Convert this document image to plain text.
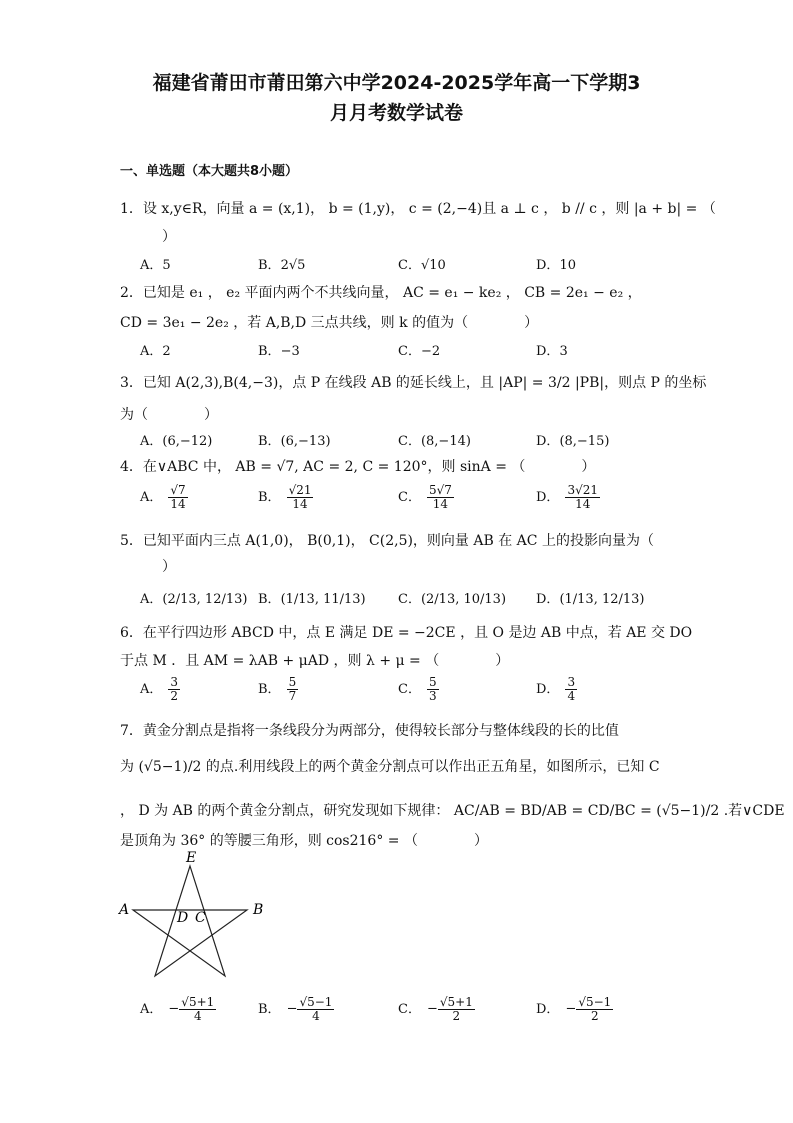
福建省莆田市莆田第六中学2024-2025学年高一下学期3
月月考数学试卷
一、单选题（本大题共8小题）
1．设 x,y∈R，向量 a = (x,1)， b = (1,y)， c = (2,−4)且 a ⊥ c ， b // c ，则 |a + b| = （
　　　）
A．5	B．2√5	C．√10	D．10
2．已知是 e₁ ， e₂ 平面内两个不共线向量， AC = e₁ − ke₂ ， CB = 2e₁ − e₂ ，
CD = 3e₁ − 2e₂ ，若 A,B,D 三点共线，则 k 的值为（　　　　）
A．2	B．−3	C．−2	D．3
3．已知 A(2,3),B(4,−3)，点 P 在线段 AB 的延长线上，且 |AP| = 3/2 |PB|，则点 P 的坐标
为（　　　　）
A．(6,−12)	B．(6,−13)	C．(8,−14)	D．(8,−15)
4．在∨ABC 中， AB = √7, AC = 2, C = 120°，则 sinA = （　　　　）
A． $\frac{√7}{14}$	B． $\frac{√21}{14}$	C． $\frac{5√7}{14}$	D． $\frac{3√21}{14}$
5．已知平面内三点 A(1,0)， B(0,1)， C(2,5)，则向量 AB 在 AC 上的投影向量为（
　　　）
A．(2/13, 12/13) B．(1/13, 11/13) C．(2/13, 10/13) D．(1/13, 12/13)
6．在平行四边形 ABCD 中，点 E 满足 DE = −2CE ，且 O 是边 AB 中点，若 AE 交 DO
于点 M ．且 AM = λAB + μAD ，则 λ + μ = （　　　　）
A． $\frac{3}{2}$	B． $\frac{5}{7}$	C． $\frac{5}{3}$	D． $\frac{3}{4}$
7．黄金分割点是指将一条线段分为两部分，使得较长部分与整体线段的长的比值
为 (√5−1)/2 的点.利用线段上的两个黄金分割点可以作出正五角星，如图所示，已知 C
， D 为 AB 的两个黄金分割点，研究发现如下规律： AC/AB = BD/AB = CD/BC = (√5−1)/2 .若∨CDE
是顶角为 36° 的等腰三角形，则 cos216° = （　　　　）
E
A	B
D C
A． − $\frac{√5+1}{4}$	B． − $\frac{√5-1}{4}$	C． − $\frac{√5+1}{2}$	D． − $\frac{√5-1}{2}$
